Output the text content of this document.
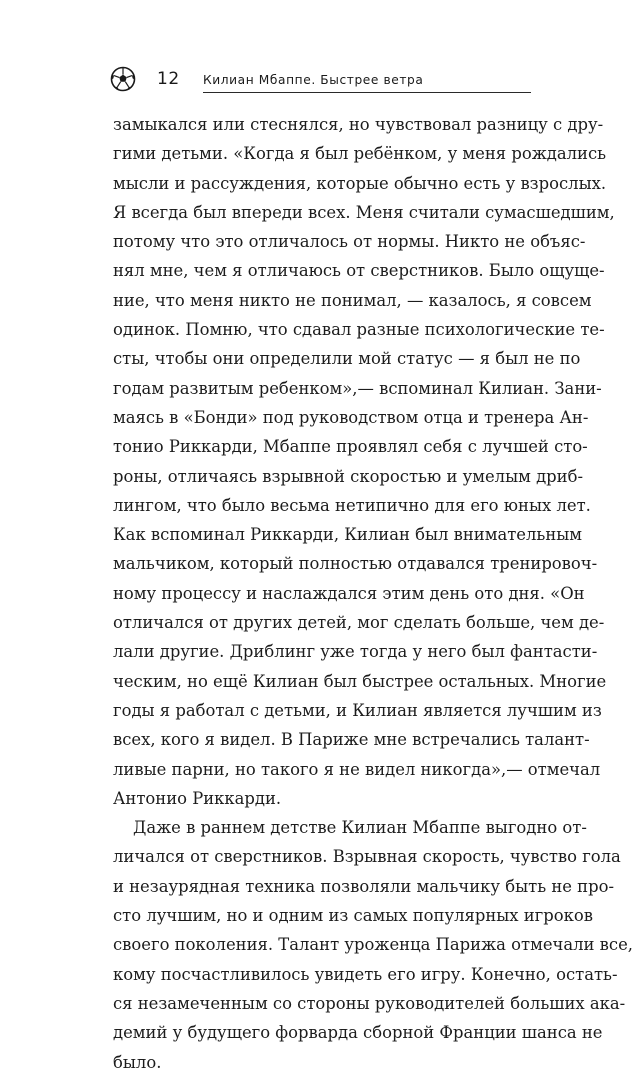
12 Килиан Мбаппе. Быстрее ветра
замыкался или стеснялся, но чувствовал разницу с дру-
гими детьми. «Когда я был ребёнком, у меня рождались
мысли и рассуждения, которые обычно есть у взрослых.
Я всегда был впереди всех. Меня считали сумасшедшим,
потому что это отличалось от нормы. Никто не объяс-
нял мне, чем я отличаюсь от сверстников. Было ощуще-
ние, что меня никто не понимал, — казалось, я совсем
одинок. Помню, что сдавал разные психологические те-
сты, чтобы они определили мой статус — я был не по
годам развитым ребенком»,— вспоминал Килиан. Зани-
маясь в «Бонди» под руководством отца и тренера Ан-
тонио Риккарди, Мбаппе проявлял себя с лучшей сто-
роны, отличаясь взрывной скоростью и умелым дриб-
лингом, что было весьма нетипично для его юных лет.
Как вспоминал Риккарди, Килиан был внимательным
мальчиком, который полностью отдавался тренировоч-
ному процессу и наслаждался этим день ото дня. «Он
отличался от других детей, мог сделать больше, чем де-
лали другие. Дриблинг уже тогда у него был фантасти-
ческим, но ещё Килиан был быстрее остальных. Многие
годы я работал с детьми, и Килиан является лучшим из
всех, кого я видел. В Париже мне встречались талант-
ливые парни, но такого я не видел никогда»,— отмечал
Антонио Риккарди.
Даже в раннем детстве Килиан Мбаппе выгодно от-
личался от сверстников. Взрывная скорость, чувство гола
и незаурядная техника позволяли мальчику быть не про-
сто лучшим, но и одним из самых популярных игроков
своего поколения. Талант уроженца Парижа отмечали все,
кому посчастливилось увидеть его игру. Конечно, остать-
ся незамеченным со стороны руководителей больших ака-
демий у будущего форварда сборной Франции шанса не
было.
